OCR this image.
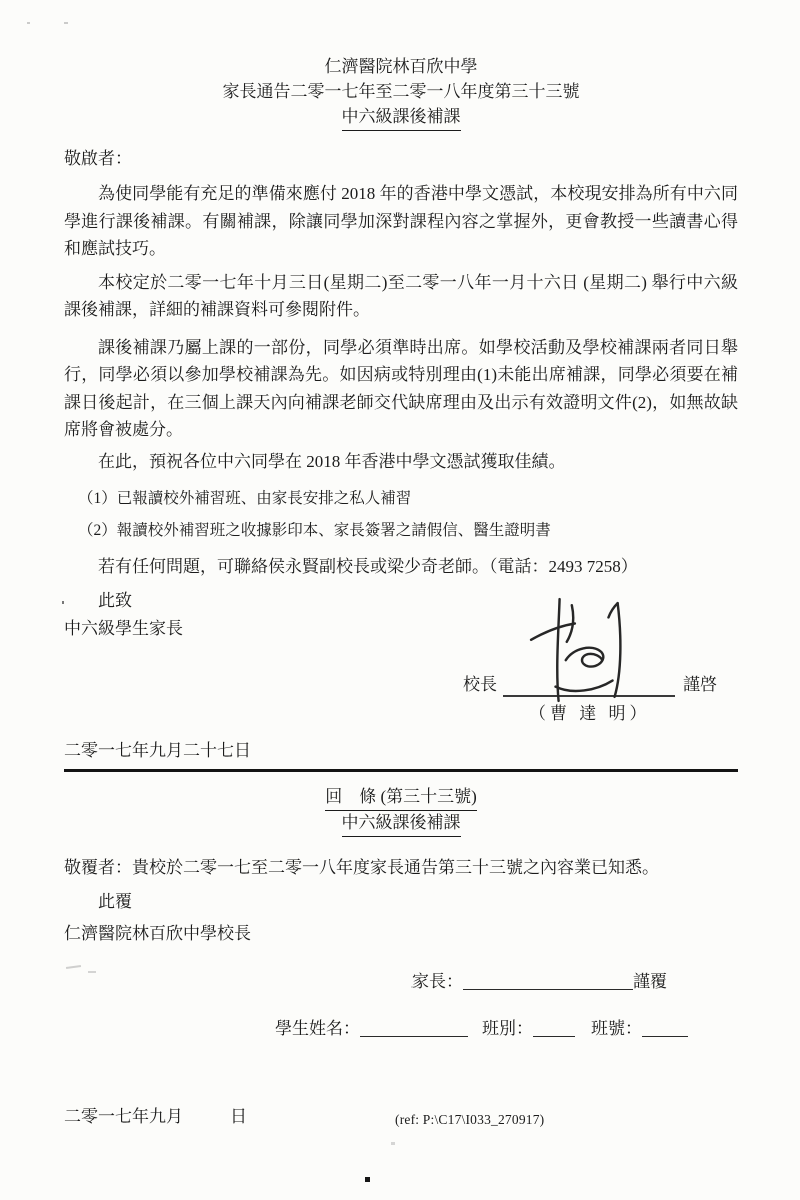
仁濟醫院林百欣中學
家長通告二零一七年至二零一八年度第三十三號
中六級課後補課
敬啟者：

為使同學能有充足的準備來應付 2018 年的香港中學文憑試，本校現安排為所有中六同學進行課後補課。有關補課，除讓同學加深對課程內容之掌握外，更會教授一些讀書心得和應試技巧。

本校定於二零一七年十月三日(星期二)至二零一八年一月十六日 (星期二) 舉行中六級課後補課，詳細的補課資料可參閱附件。

課後補課乃屬上課的一部份，同學必須準時出席。如學校活動及學校補課兩者同日舉行，同學必須以參加學校補課為先。如因病或特別理由(1)未能出席補課，同學必須要在補課日後起計，在三個上課天內向補課老師交代缺席理由及出示有效證明文件(2)，如無故缺席將會被處分。

在此，預祝各位中六同學在 2018 年香港中學文憑試獲取佳績。

（1）已報讀校外補習班、由家長安排之私人補習
（2）報讀校外補習班之收據影印本、家長簽署之請假信、醫生證明書

若有任何問題，可聯絡侯永賢副校長或梁少奇老師。（電話：2493 7258）

此致
中六級學生家長
校長	謹啓
（曹 達 明）
二零一七年九月二十七日
回　條 (第三十三號)
中六級課後補課

敬覆者：貴校於二零一七至二零一八年度家長通告第三十三號之內容業已知悉。

此覆
仁濟醫院林百欣中學校長
家長：	謹覆
學生姓名：	班別：	班號：
二零一七年九月	日	(ref: P:\C17\I033_270917)
